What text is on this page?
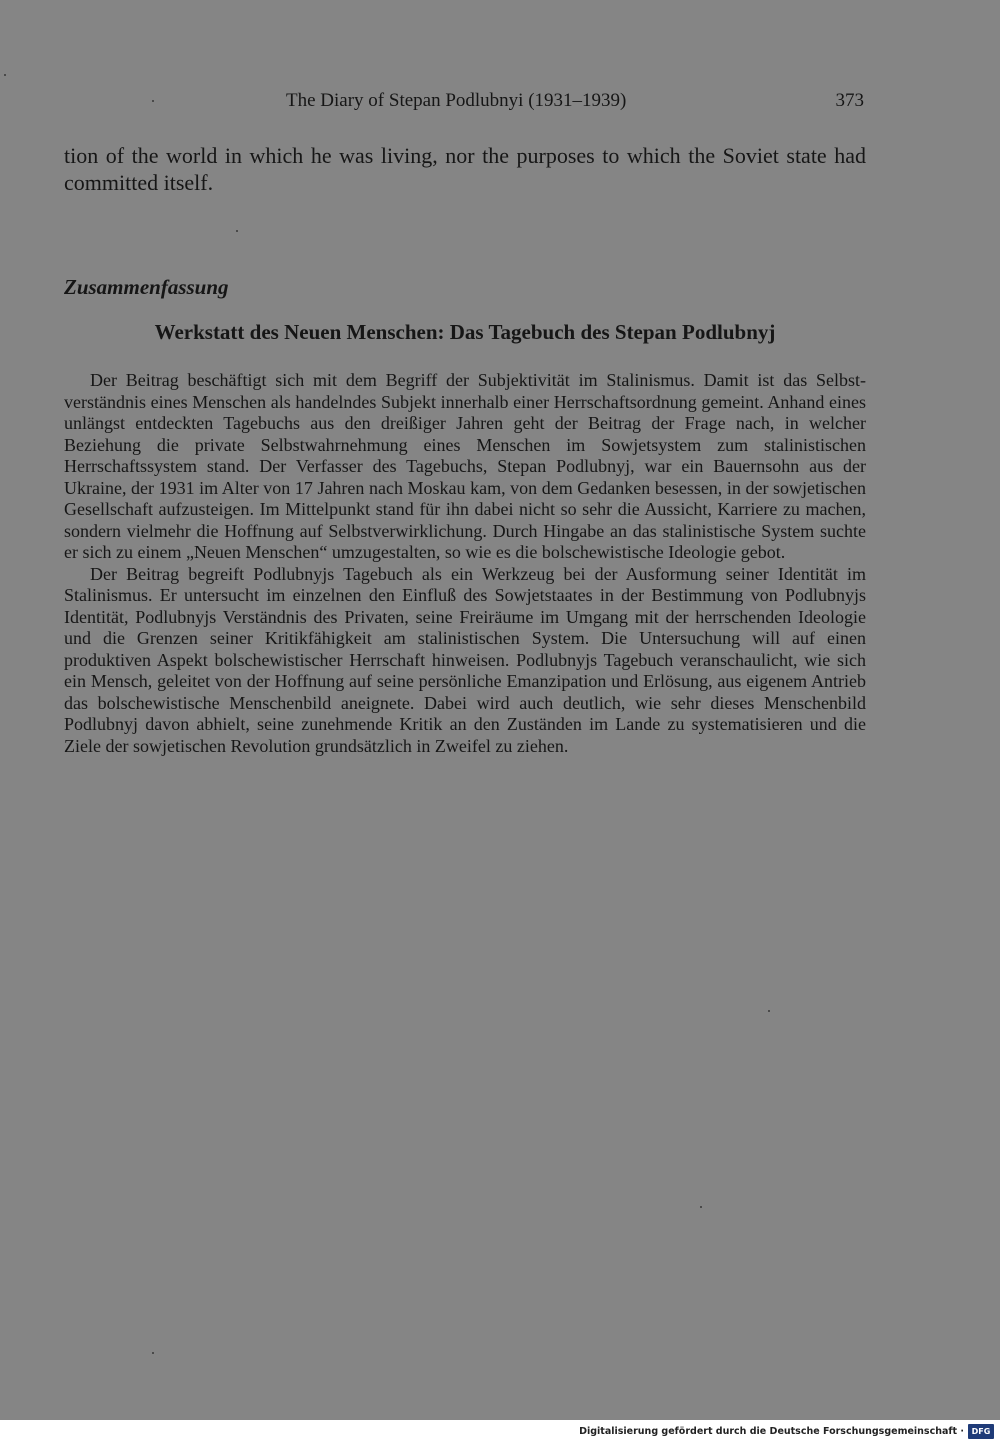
The Diary of Stepan Podlubnyi (1931–1939)	373

tion of the world in which he was living, nor the purposes to which the Soviet state had committed itself.

Zusammenfassung
Werkstatt des Neuen Menschen: Das Tagebuch des Stepan Podlubnyj

Der Beitrag beschäftigt sich mit dem Begriff der Subjektivität im Stalinismus. Damit ist das Selbstverständnis eines Menschen als handelndes Subjekt innerhalb einer Herrschaftsordnung gemeint. Anhand eines unlängst entdeckten Tagebuchs aus den dreißiger Jahren geht der Beitrag der Frage nach, in welcher Beziehung die private Selbstwahrnehmung eines Menschen im Sowjetsystem zum stalinistischen Herrschaftssystem stand. Der Verfasser des Tagebuchs, Stepan Podlubnyj, war ein Bauernsohn aus der Ukraine, der 1931 im Alter von 17 Jahren nach Moskau kam, von dem Gedanken besessen, in der sowjetischen Gesellschaft aufzusteigen. Im Mittelpunkt stand für ihn dabei nicht so sehr die Aussicht, Karriere zu machen, sondern vielmehr die Hoffnung auf Selbstverwirklichung. Durch Hingabe an das stalinistische System suchte er sich zu einem „Neuen Menschen“ umzugestalten, so wie es die bolschewistische Ideologie gebot.

Der Beitrag begreift Podlubnyjs Tagebuch als ein Werkzeug bei der Ausformung seiner Identität im Stalinismus. Er untersucht im einzelnen den Einfluß des Sowjetstaates in der Bestimmung von Podlubnyjs Identität, Podlubnyjs Verständnis des Privaten, seine Freiräume im Umgang mit der herrschenden Ideologie und die Grenzen seiner Kritikfähigkeit am stalinistischen System. Die Untersuchung will auf einen produktiven Aspekt bolschewistischer Herrschaft hinweisen. Podlubnyjs Tagebuch veranschaulicht, wie sich ein Mensch, geleitet von der Hoffnung auf seine persönliche Emanzipation und Erlösung, aus eigenem Antrieb das bolschewistische Menschenbild aneignete. Dabei wird auch deutlich, wie sehr dieses Menschenbild Podlubnyj davon abhielt, seine zunehmende Kritik an den Zuständen im Lande zu systematisieren und die Ziele der sowjetischen Revolution grundsätzlich in Zweifel zu ziehen.

Digitalisierung gefördert durch die Deutsche Forschungsgemeinschaft · DFG
